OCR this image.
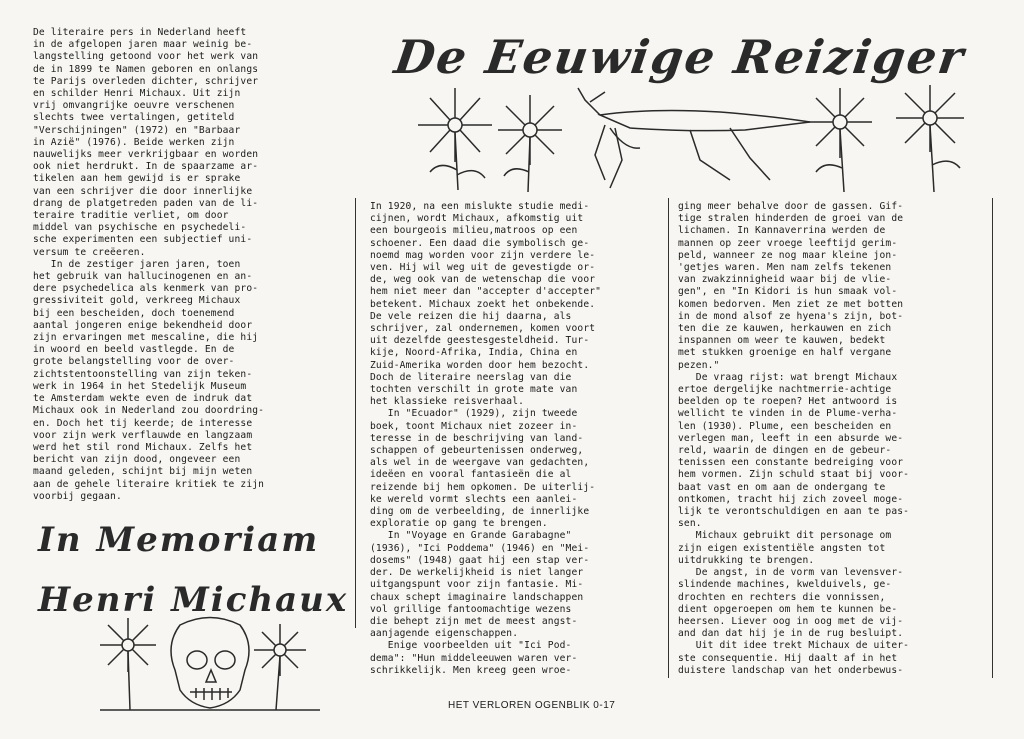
De literaire pers in Nederland heeft
in de afgelopen jaren maar weinig be-
langstelling getoond voor het werk van
de in 1899 te Namen geboren en onlangs
te Parijs overleden dichter, schrijver
en schilder Henri Michaux. Uit zijn
vrij omvangrijke oeuvre verschenen
slechts twee vertalingen, getiteld
"Verschijningen" (1972) en "Barbaar
in Azië" (1976). Beide werken zijn
nauwelijks meer verkrijgbaar en worden
ook niet herdrukt. In de spaarzame ar-
tikelen aan hem gewijd is er sprake
van een schrijver die door innerlijke
drang de platgetreden paden van de li-
teraire traditie verliet, om door
middel van psychische en psychedeli-
sche experimenten een subjectief uni-
versum te creëeren.
In de zestiger jaren jaren, toen
het gebruik van hallucinogenen en an-
dere psychedelica als kenmerk van pro-
gressiviteit gold, verkreeg Michaux
bij een bescheiden, doch toenemend
aantal jongeren enige bekendheid door
zijn ervaringen met mescaline, die hij
in woord en beeld vastlegde. En de
grote belangstelling voor de over-
zichtstentoonstelling van zijn teken-
werk in 1964 in het Stedelijk Museum
te Amsterdam wekte even de indruk dat
Michaux ook in Nederland zou doordring-
en. Doch het tij keerde; de interesse
voor zijn werk verflauwde en langzaam
werd het stil rond Michaux. Zelfs het
bericht van zijn dood, ongeveer een
maand geleden, schijnt bij mijn weten
aan de gehele literaire kritiek te zijn
voorbij gegaan.
In 1920, na een mislukte studie medi-
cijnen, wordt Michaux, afkomstig uit
een bourgeois milieu,matroos op een
schoener. Een daad die symbolisch ge-
noemd mag worden voor zijn verdere le-
ven. Hij wil weg uit de gevestigde or-
de, weg ook van de wetenschap die voor
hem niet meer dan "accepter d'accepter"
betekent. Michaux zoekt het onbekende.
De vele reizen die hij daarna, als
schrijver, zal ondernemen, komen voort
uit dezelfde geestesgesteldheid. Tur-
kije, Noord-Afrika, India, China en
Zuid-Amerika worden door hem bezocht.
Doch de literaire neerslag van die
tochten verschilt in grote mate van
het klassieke reisverhaal.
In "Ecuador" (1929), zijn tweede
boek, toont Michaux niet zozeer in-
teresse in de beschrijving van land-
schappen of gebeurtenissen onderweg,
als wel in de weergave van gedachten,
ideëen en vooral fantasieën die al
reizende bij hem opkomen. De uiterlij-
ke wereld vormt slechts een aanlei-
ding om de verbeelding, de innerlijke
exploratie op gang te brengen.
In "Voyage en Grande Garabagne"
(1936), "Ici Poddema" (1946) en "Mei-
dosems" (1948) gaat hij een stap ver-
der. De werkelijkheid is niet langer
uitgangspunt voor zijn fantasie. Mi-
chaux schept imaginaire landschappen
vol grillige fantoomachtige wezens
die behept zijn met de meest angst-
aanjagende eigenschappen.
Enige voorbeelden uit "Ici Pod-
dema": "Hun middeleeuwen waren ver-
schrikkelijk. Men kreeg geen wroe-
ging meer behalve door de gassen. Gif-
tige stralen hinderden de groei van de
lichamen. In Kannaverrina werden de
mannen op zeer vroege leeftijd gerim-
peld, wanneer ze nog maar kleine jon-
'getjes waren. Men nam zelfs tekenen
van zwakzinnigheid waar bij de vlie-
gen", en "In Kidori is hun smaak vol-
komen bedorven. Men ziet ze met botten
in de mond alsof ze hyena's zijn, bot-
ten die ze kauwen, herkauwen en zich
inspannen om weer te kauwen, bedekt
met stukken groenige en half vergane
pezen."
De vraag rijst: wat brengt Michaux
ertoe dergelijke nachtmerrie-achtige
beelden op te roepen? Het antwoord is
wellicht te vinden in de Plume-verha-
len (1930). Plume, een bescheiden en
verlegen man, leeft in een absurde we-
reld, waarin de dingen en de gebeur-
tenissen een constante bedreiging voor
hem vormen. Zijn schuld staat bij voor-
baat vast en om aan de ondergang te
ontkomen, tracht hij zich zoveel moge-
lijk te verontschuldigen en aan te pas-
sen.
Michaux gebruikt dit personage om
zijn eigen existentiële angsten tot
uitdrukking te brengen.
De angst, in de vorm van levensver-
slindende machines, kwelduivels, ge-
drochten en rechters die vonnissen,
dient opgeroepen om hem te kunnen be-
heersen. Liever oog in oog met de vij-
and dan dat hij je in de rug besluipt.
Uit dit idee trekt Michaux de uiter-
ste consequentie. Hij daalt af in het
duistere landschap van het onderbewus-
De Eeuwige Reiziger
In Memoriam
Henri Michaux
HET VERLOREN OGENBLIK 0-17
